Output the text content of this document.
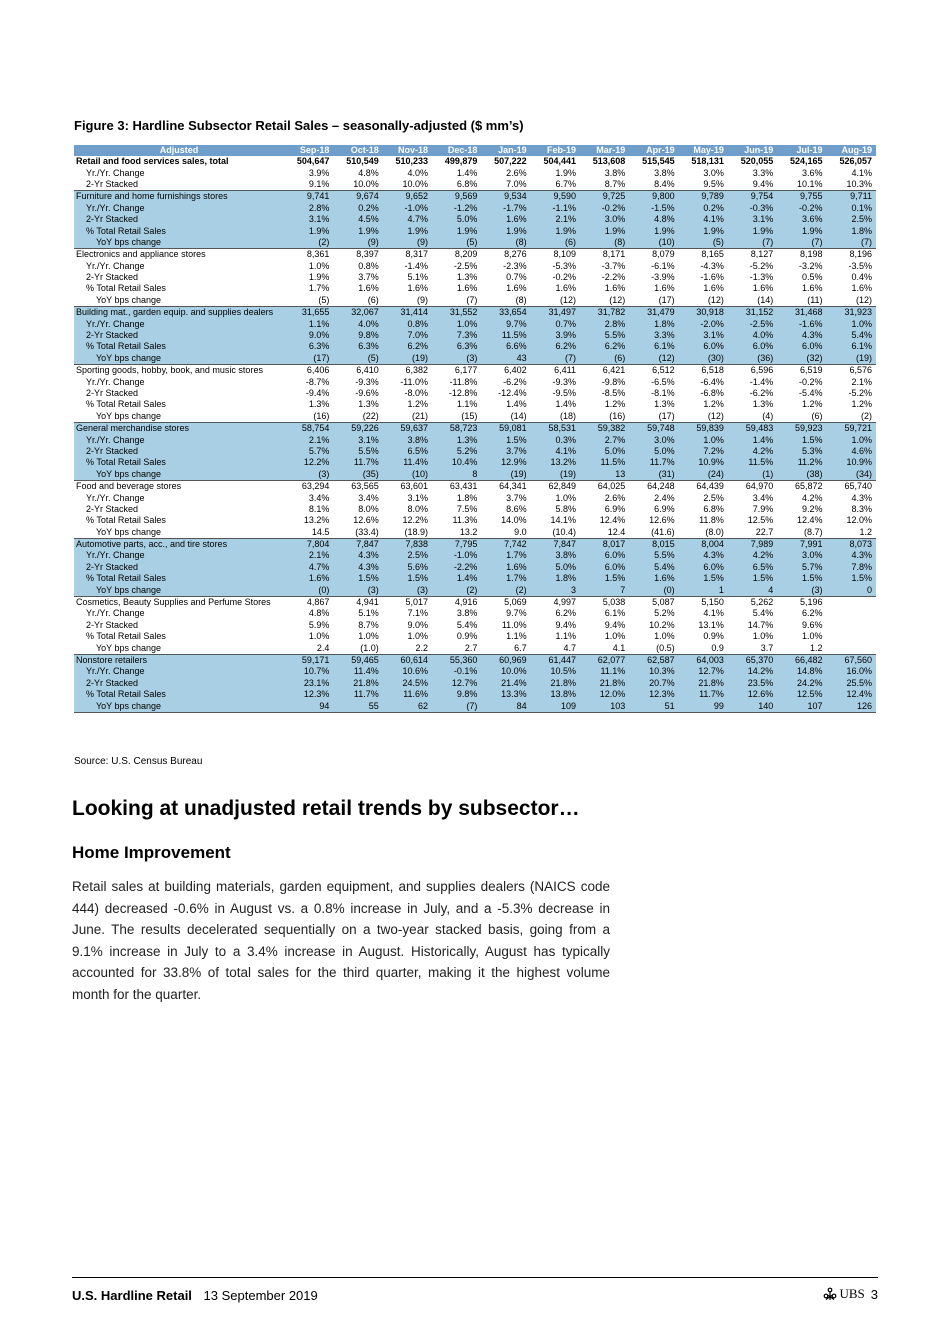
Figure 3: Hardline Subsector Retail Sales – seasonally-adjusted ($ mm’s)
Adjusted	Sep-18	Oct-18	Nov-18	Dec-18	Jan-19	Feb-19	Mar-19	Apr-19	May-19	Jun-19	Jul-19	Aug-19
Retail and food services sales, total	504,647	510,549	510,233	499,879	507,222	504,441	513,608	515,545	518,131	520,055	524,165	526,057
Yr./Yr. Change	3.9%	4.8%	4.0%	1.4%	2.6%	1.9%	3.8%	3.8%	3.0%	3.3%	3.6%	4.1%
2-Yr Stacked	9.1%	10.0%	10.0%	6.8%	7.0%	6.7%	8.7%	8.4%	9.5%	9.4%	10.1%	10.3%
Furniture and home furnishings stores	9,741	9,674	9,652	9,569	9,534	9,590	9,725	9,800	9,789	9,754	9,755	9,711
Yr./Yr. Change	2.8%	0.2%	-1.0%	-1.2%	-1.7%	-1.1%	-0.2%	-1.5%	0.2%	-0.3%	-0.2%	0.1%
2-Yr Stacked	3.1%	4.5%	4.7%	5.0%	1.6%	2.1%	3.0%	4.8%	4.1%	3.1%	3.6%	2.5%
% Total Retail Sales	1.9%	1.9%	1.9%	1.9%	1.9%	1.9%	1.9%	1.9%	1.9%	1.9%	1.9%	1.8%
YoY bps change	(2)	(9)	(9)	(5)	(8)	(6)	(8)	(10)	(5)	(7)	(7)	(7)
Electronics and appliance stores	8,361	8,397	8,317	8,209	8,276	8,109	8,171	8,079	8,165	8,127	8,198	8,196
Yr./Yr. Change	1.0%	0.8%	-1.4%	-2.5%	-2.3%	-5.3%	-3.7%	-6.1%	-4.3%	-5.2%	-3.2%	-3.5%
2-Yr Stacked	1.9%	3.7%	5.1%	1.3%	0.7%	-0.2%	-2.2%	-3.9%	-1.6%	-1.3%	0.5%	0.4%
% Total Retail Sales	1.7%	1.6%	1.6%	1.6%	1.6%	1.6%	1.6%	1.6%	1.6%	1.6%	1.6%	1.6%
YoY bps change	(5)	(6)	(9)	(7)	(8)	(12)	(12)	(17)	(12)	(14)	(11)	(12)
Building mat., garden equip. and supplies dealers	31,655	32,067	31,414	31,552	33,654	31,497	31,782	31,479	30,918	31,152	31,468	31,923
Yr./Yr. Change	1.1%	4.0%	0.8%	1.0%	9.7%	0.7%	2.8%	1.8%	-2.0%	-2.5%	-1.6%	1.0%
2-Yr Stacked	9.0%	9.8%	7.0%	7.3%	11.5%	3.9%	5.5%	3.3%	3.1%	4.0%	4.3%	5.4%
% Total Retail Sales	6.3%	6.3%	6.2%	6.3%	6.6%	6.2%	6.2%	6.1%	6.0%	6.0%	6.0%	6.1%
YoY bps change	(17)	(5)	(19)	(3)	43	(7)	(6)	(12)	(30)	(36)	(32)	(19)
Sporting goods, hobby, book, and music stores	6,406	6,410	6,382	6,177	6,402	6,411	6,421	6,512	6,518	6,596	6,519	6,576
Yr./Yr. Change	-8.7%	-9.3%	-11.0%	-11.8%	-6.2%	-9.3%	-9.8%	-6.5%	-6.4%	-1.4%	-0.2%	2.1%
2-Yr Stacked	-9.4%	-9.6%	-8.0%	-12.8%	-12.4%	-9.5%	-8.5%	-8.1%	-6.8%	-6.2%	-5.4%	-5.2%
% Total Retail Sales	1.3%	1.3%	1.2%	1.1%	1.4%	1.4%	1.2%	1.3%	1.2%	1.3%	1.2%	1.2%
YoY bps change	(16)	(22)	(21)	(15)	(14)	(18)	(16)	(17)	(12)	(4)	(6)	(2)
General merchandise stores	58,754	59,226	59,637	58,723	59,081	58,531	59,382	59,748	59,839	59,483	59,923	59,721
Yr./Yr. Change	2.1%	3.1%	3.8%	1.3%	1.5%	0.3%	2.7%	3.0%	1.0%	1.4%	1.5%	1.0%
2-Yr Stacked	5.7%	5.5%	6.5%	5.2%	3.7%	4.1%	5.0%	5.0%	7.2%	4.2%	5.3%	4.6%
% Total Retail Sales	12.2%	11.7%	11.4%	10.4%	12.9%	13.2%	11.5%	11.7%	10.9%	11.5%	11.2%	10.9%
YoY bps change	(3)	(35)	(10)	8	(19)	(19)	13	(31)	(24)	(1)	(38)	(34)
Food and beverage stores	63,294	63,565	63,601	63,431	64,341	62,849	64,025	64,248	64,439	64,970	65,872	65,740
Yr./Yr. Change	3.4%	3.4%	3.1%	1.8%	3.7%	1.0%	2.6%	2.4%	2.5%	3.4%	4.2%	4.3%
2-Yr Stacked	8.1%	8.0%	8.0%	7.5%	8.6%	5.8%	6.9%	6.9%	6.8%	7.9%	9.2%	8.3%
% Total Retail Sales	13.2%	12.6%	12.2%	11.3%	14.0%	14.1%	12.4%	12.6%	11.8%	12.5%	12.4%	12.0%
YoY bps change	14.5	(33.4)	(18.9)	13.2	9.0	(10.4)	12.4	(41.6)	(8.0)	22.7	(8.7)	1.2
Automotive parts, acc., and tire stores	7,804	7,847	7,838	7,795	7,742	7,847	8,017	8,015	8,004	7,989	7,991	8,073
Yr./Yr. Change	2.1%	4.3%	2.5%	-1.0%	1.7%	3.8%	6.0%	5.5%	4.3%	4.2%	3.0%	4.3%
2-Yr Stacked	4.7%	4.3%	5.6%	-2.2%	1.6%	5.0%	6.0%	5.4%	6.0%	6.5%	5.7%	7.8%
% Total Retail Sales	1.6%	1.5%	1.5%	1.4%	1.7%	1.8%	1.5%	1.6%	1.5%	1.5%	1.5%	1.5%
YoY bps change	(0)	(3)	(3)	(2)	(2)	3	7	(0)	1	4	(3)	0
Cosmetics, Beauty Supplies and Perfume Stores	4,867	4,941	5,017	4,916	5,069	4,997	5,038	5,087	5,150	5,262	5,196	
Yr./Yr. Change	4.8%	5.1%	7.1%	3.8%	9.7%	6.2%	6.1%	5.2%	4.1%	5.4%	6.2%	
2-Yr Stacked	5.9%	8.7%	9.0%	5.4%	11.0%	9.4%	9.4%	10.2%	13.1%	14.7%	9.6%	
% Total Retail Sales	1.0%	1.0%	1.0%	0.9%	1.1%	1.1%	1.0%	1.0%	0.9%	1.0%	1.0%	
YoY bps change	2.4	(1.0)	2.2	2.7	6.7	4.7	4.1	(0.5)	0.9	3.7	1.2	
Nonstore retailers	59,171	59,465	60,614	55,360	60,969	61,447	62,077	62,587	64,003	65,370	66,482	67,560
Yr./Yr. Change	10.7%	11.4%	10.6%	-0.1%	10.0%	10.5%	11.1%	10.3%	12.7%	14.2%	14.8%	16.0%
2-Yr Stacked	23.1%	21.8%	24.5%	12.7%	21.4%	21.8%	21.8%	20.7%	21.8%	23.5%	24.2%	25.5%
% Total Retail Sales	12.3%	11.7%	11.6%	9.8%	13.3%	13.8%	12.0%	12.3%	11.7%	12.6%	12.5%	12.4%
YoY bps change	94	55	62	(7)	84	109	103	51	99	140	107	126
Source: U.S. Census Bureau
Looking at unadjusted retail trends by subsector…
Home Improvement
Retail sales at building materials, garden equipment, and supplies dealers (NAICS code 444) decreased -0.6% in August vs. a 0.8% increase in July, and a -5.3% decrease in June. The results decelerated sequentially on a two-year stacked basis, going from a 9.1% increase in July to a 3.4% increase in August. Historically, August has typically accounted for 33.8% of total sales for the third quarter, making it the highest volume month for the quarter.
U.S. Hardline Retail 13 September 2019	UBS 3
